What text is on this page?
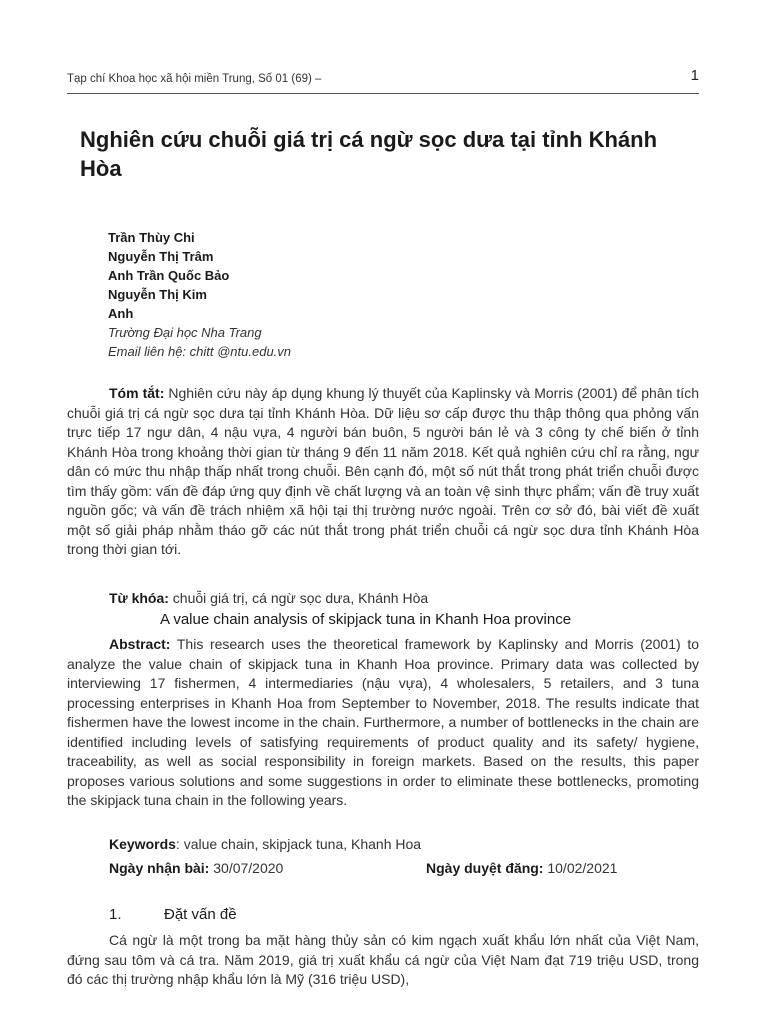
Tạp chí Khoa học xã hội miền Trung, Số 01 (69) –	1
Nghiên cứu chuỗi giá trị cá ngừ sọc dưa tại tỉnh Khánh Hòa
Trần Thùy Chi
Nguyễn Thị Trâm
Anh Trần Quốc Bảo
Nguyễn Thị Kim
Anh
Trường Đại học Nha Trang
Email liên hệ: chitt @ntu.edu.vn

Tóm tắt: Nghiên cứu này áp dụng khung lý thuyết của Kaplinsky và Morris (2001) để phân tích chuỗi giá trị cá ngừ sọc dưa tại tỉnh Khánh Hòa. Dữ liệu sơ cấp được thu thập thông qua phỏng vấn trực tiếp 17 ngư dân, 4 nậu vựa, 4 người bán buôn, 5 người bán lẻ và 3 công ty chế biến ở tỉnh Khánh Hòa trong khoảng thời gian từ tháng 9 đến 11 năm 2018. Kết quả nghiên cứu chỉ ra rằng, ngư dân có mức thu nhập thấp nhất trong chuỗi. Bên cạnh đó, một số nút thắt trong phát triển chuỗi được tìm thấy gồm: vấn đề đáp ứng quy định về chất lượng và an toàn vệ sinh thực phẩm; vấn đề truy xuất nguồn gốc; và vấn đề trách nhiệm xã hội tại thị trường nước ngoài. Trên cơ sở đó, bài viết đề xuất một số giải pháp nhằm tháo gỡ các nút thắt trong phát triển chuỗi cá ngừ sọc dưa tỉnh Khánh Hòa trong thời gian tới.

Từ khóa: chuỗi giá trị, cá ngừ sọc dưa, Khánh Hòa
A value chain analysis of skipjack tuna in Khanh Hoa province

Abstract: This research uses the theoretical framework by Kaplinsky and Morris (2001) to analyze the value chain of skipjack tuna in Khanh Hoa province. Primary data was collected by interviewing 17 fishermen, 4 intermediaries (nậu vựa), 4 wholesalers, 5 retailers, and 3 tuna processing enterprises in Khanh Hoa from September to November, 2018. The results indicate that fishermen have the lowest income in the chain. Furthermore, a number of bottlenecks in the chain are identified including levels of satisfying requirements of product quality and its safety/ hygiene, traceability, as well as social responsibility in foreign markets. Based on the results, this paper proposes various solutions and some suggestions in order to eliminate these bottlenecks, promoting the skipjack tuna chain in the following years.

Keywords: value chain, skipjack tuna, Khanh Hoa
Ngày nhận bài: 30/07/2020	Ngày duyệt đăng: 10/02/2021
1.	Đặt vấn đề

Cá ngừ là một trong ba mặt hàng thủy sản có kim ngạch xuất khẩu lớn nhất của Việt Nam, đứng sau tôm và cá tra. Năm 2019, giá trị xuất khẩu cá ngừ của Việt Nam đạt 719 triệu USD, trong đó các thị trường nhập khẩu lớn là Mỹ (316 triệu USD),
